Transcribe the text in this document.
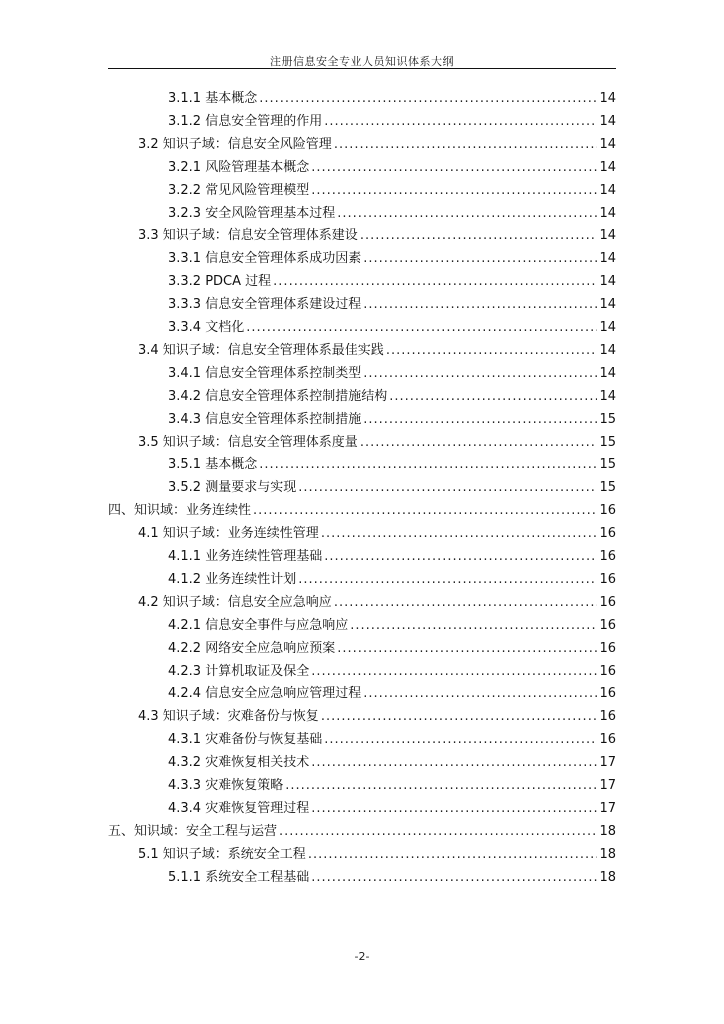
注册信息安全专业人员知识体系大纲
3.1.1 基本概念 .....	14
3.1.2 信息安全管理的作用 .....	14
3.2 知识子域：信息安全风险管理 .....	14
3.2.1 风险管理基本概念 .....	14
3.2.2 常见风险管理模型 .....	14
3.2.3 安全风险管理基本过程 .....	14
3.3 知识子域：信息安全管理体系建设 .....	14
3.3.1 信息安全管理体系成功因素 .....	14
3.3.2 PDCA 过程 .....	14
3.3.3 信息安全管理体系建设过程 .....	14
3.3.4 文档化 .....	14
3.4 知识子域：信息安全管理体系最佳实践 .....	14
3.4.1 信息安全管理体系控制类型 .....	14
3.4.2 信息安全管理体系控制措施结构 .....	14
3.4.3 信息安全管理体系控制措施 .....	15
3.5 知识子域：信息安全管理体系度量 .....	15
3.5.1 基本概念 .....	15
3.5.2 测量要求与实现 .....	15
四、知识域：业务连续性 .....	16
4.1 知识子域：业务连续性管理 .....	16
4.1.1 业务连续性管理基础 .....	16
4.1.2 业务连续性计划 .....	16
4.2 知识子域：信息安全应急响应 .....	16
4.2.1 信息安全事件与应急响应 .....	16
4.2.2 网络安全应急响应预案 .....	16
4.2.3 计算机取证及保全 .....	16
4.2.4 信息安全应急响应管理过程 .....	16
4.3 知识子域：灾难备份与恢复 .....	16
4.3.1 灾难备份与恢复基础 .....	16
4.3.2 灾难恢复相关技术 .....	17
4.3.3 灾难恢复策略 .....	17
4.3.4 灾难恢复管理过程 .....	17
五、知识域：安全工程与运营 .....	18
5.1 知识子域：系统安全工程 .....	18
5.1.1 系统安全工程基础 .....	18
-2-
